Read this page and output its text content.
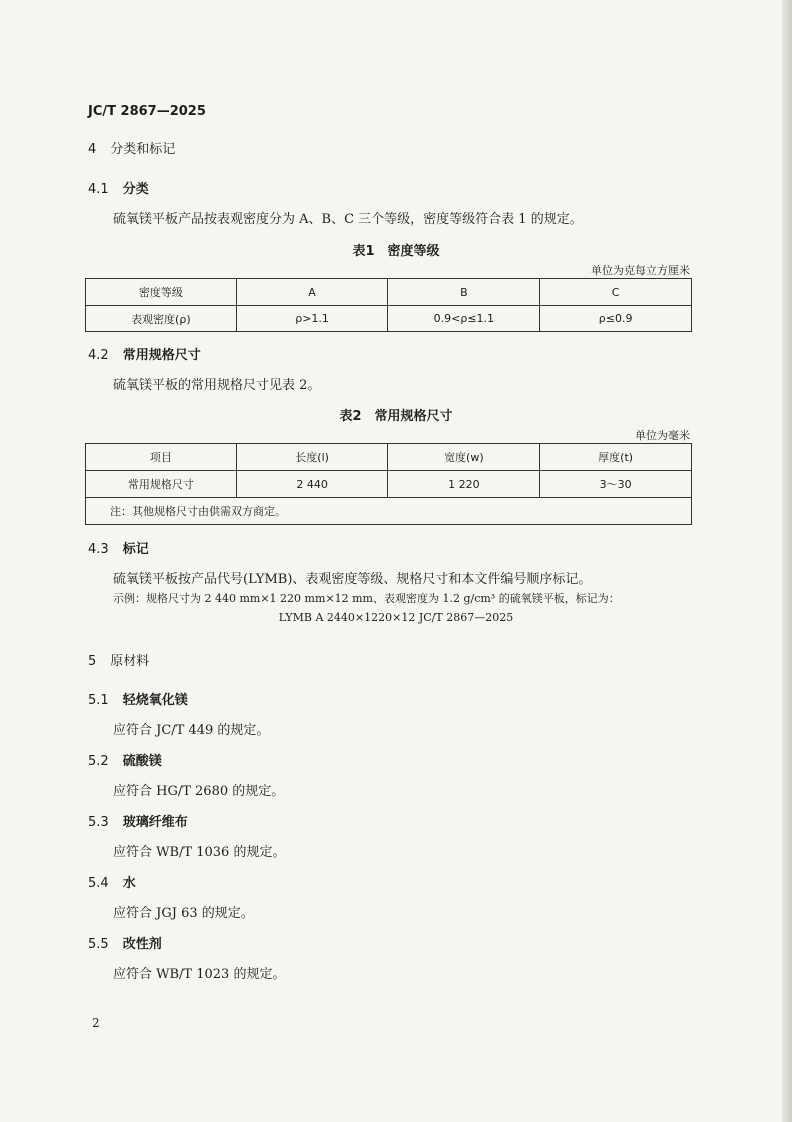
JC/T 2867—2025
4 分类和标记
4.1 分类
硫氧镁平板产品按表观密度分为 A、B、C 三个等级，密度等级符合表 1 的规定。
表1　密度等级
单位为克每立方厘米
密度等级	A	B	C
表观密度(ρ)	ρ>1.1	0.9<ρ≤1.1	ρ≤0.9
4.2 常用规格尺寸
硫氧镁平板的常用规格尺寸见表 2。
表2　常用规格尺寸
单位为毫米
项目	长度(l)	宽度(w)	厚度(t)
常用规格尺寸	2 440	1 220	3～30
注：其他规格尺寸由供需双方商定。			
4.3 标记
硫氧镁平板按产品代号(LYMB)、表观密度等级、规格尺寸和本文件编号顺序标记。
示例：规格尺寸为 2 440 mm×1 220 mm×12 mm、表观密度为 1.2 g/cm³ 的硫氧镁平板，标记为：
LYMB A 2440×1220×12 JC/T 2867—2025
5 原材料
5.1 轻烧氧化镁
应符合 JC/T 449 的规定。
5.2 硫酸镁
应符合 HG/T 2680 的规定。
5.3 玻璃纤维布
应符合 WB/T 1036 的规定。
5.4 水
应符合 JGJ 63 的规定。
5.5 改性剂
应符合 WB/T 1023 的规定。
2
